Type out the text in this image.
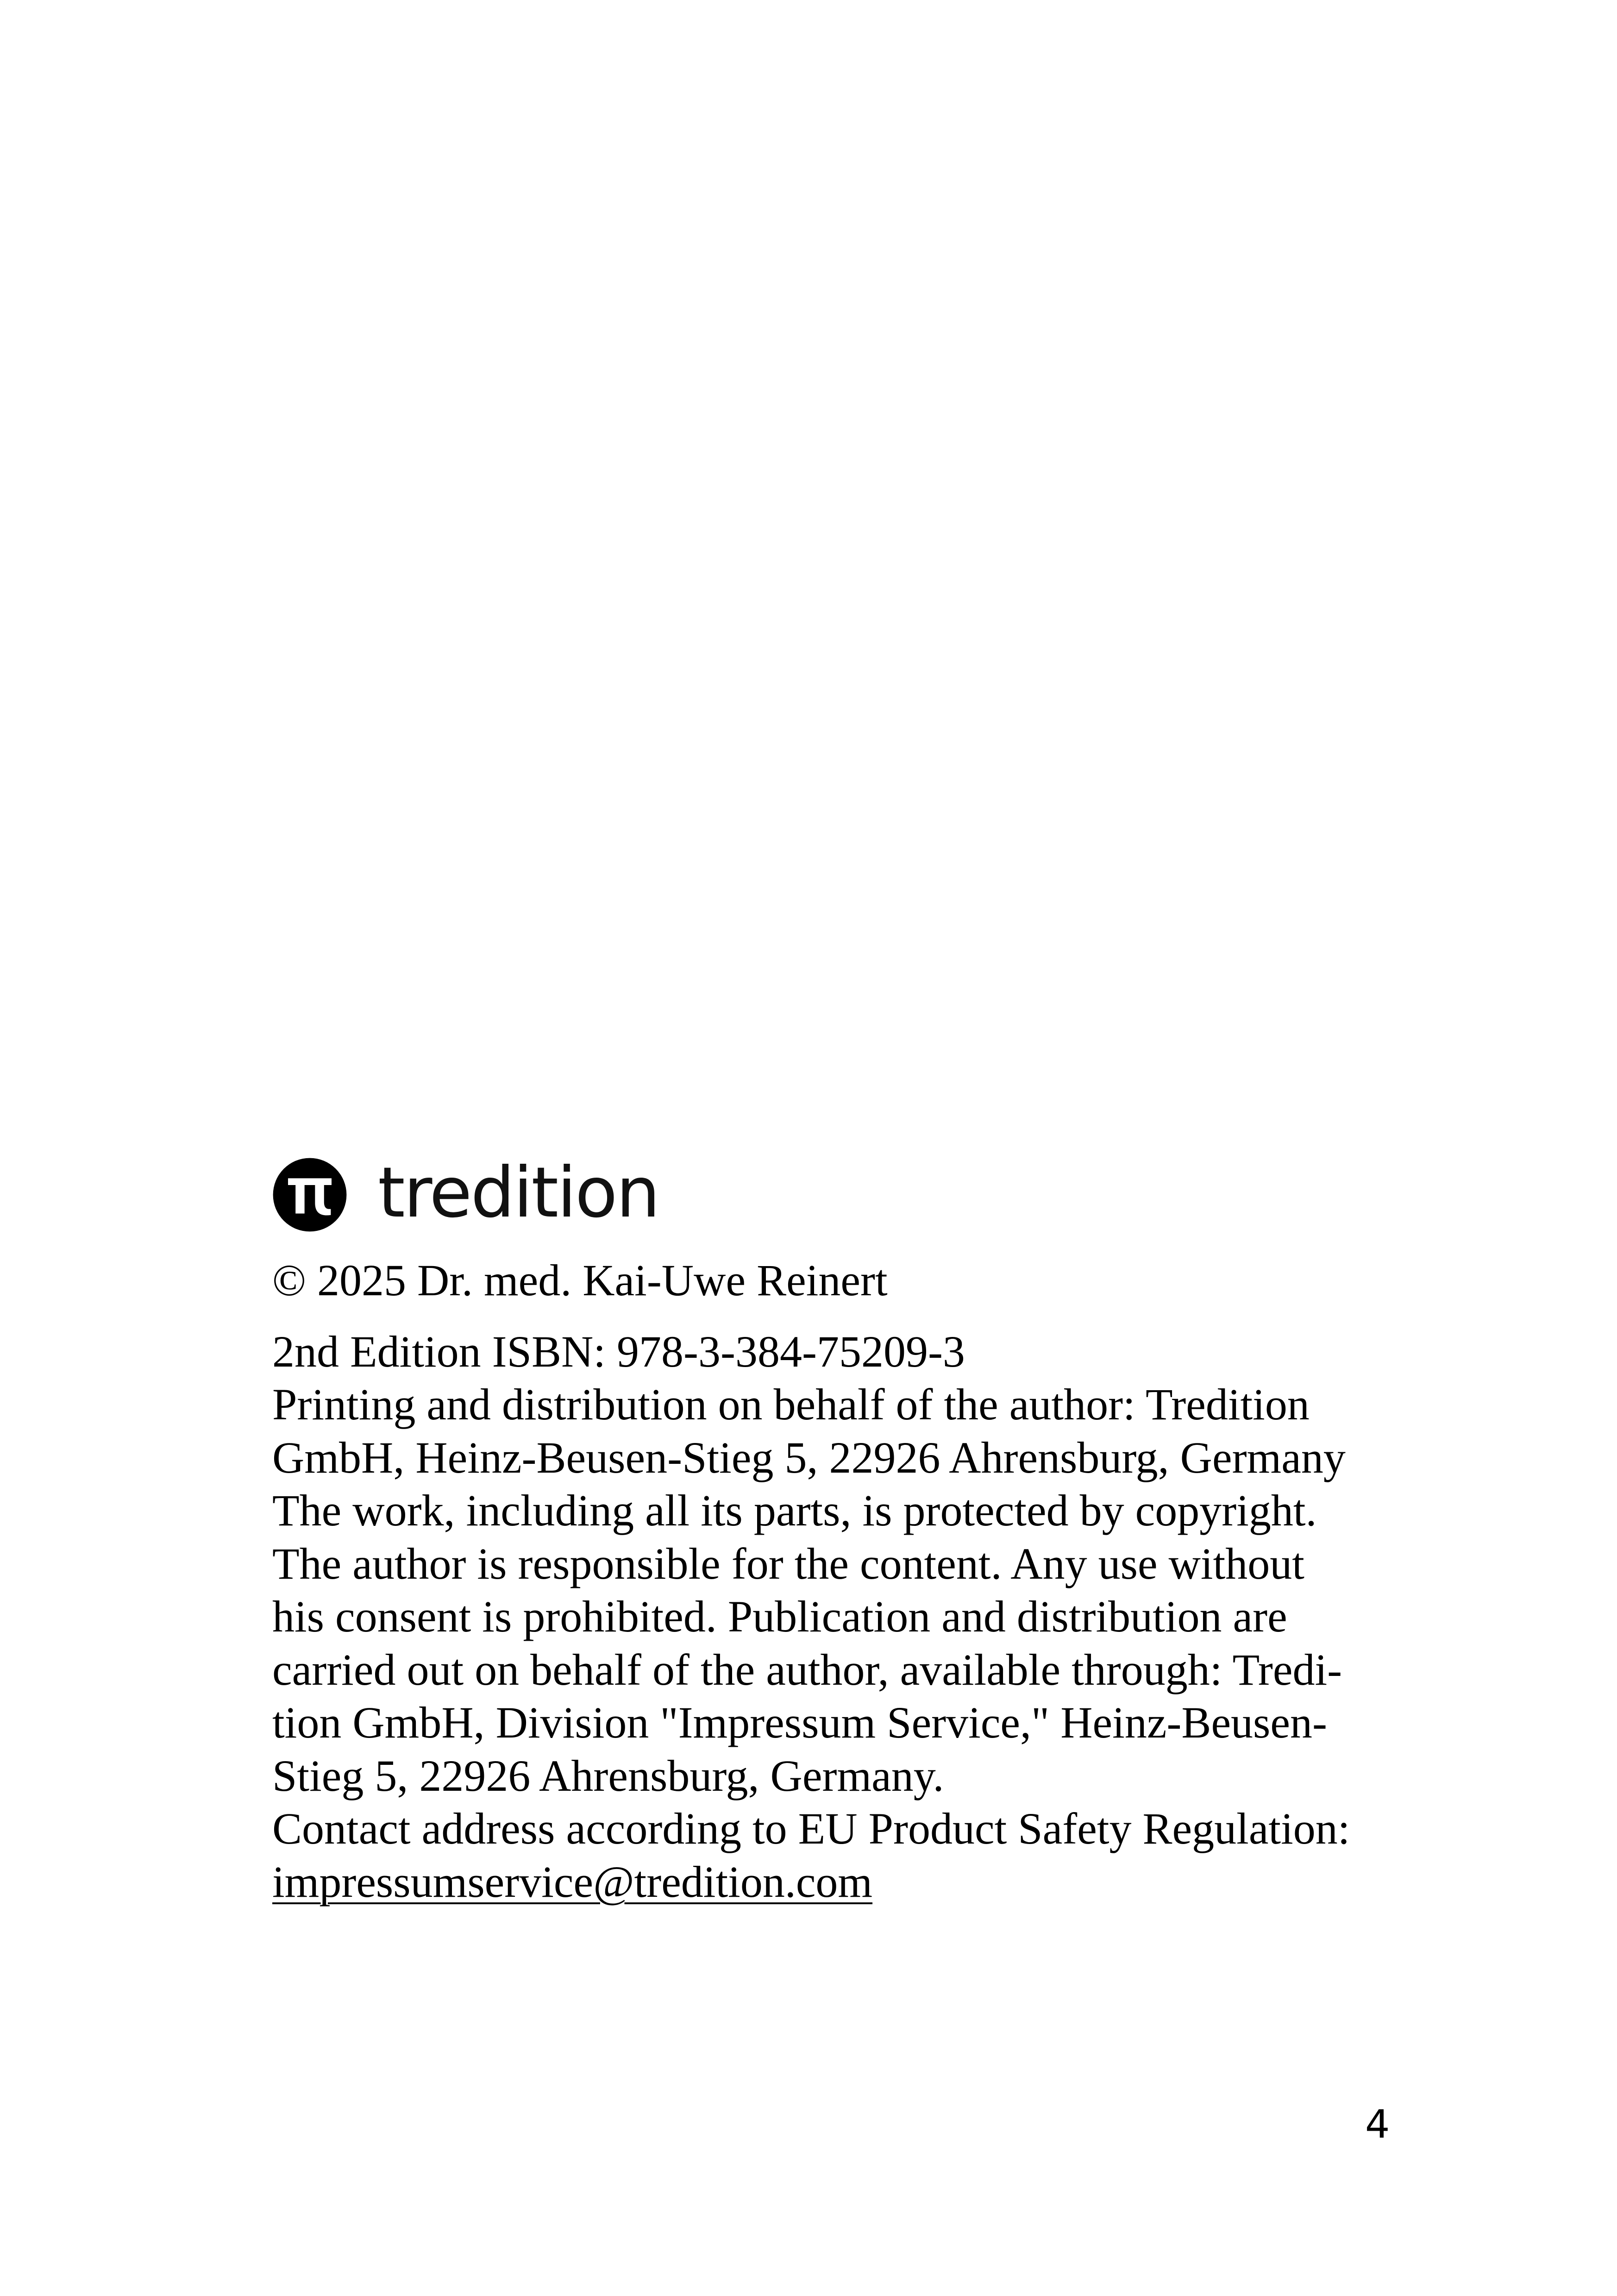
tredition

© 2025 Dr. med. Kai-Uwe Reinert

2nd Edition ISBN: 978-3-384-75209-3

Printing and distribution on behalf of the author: Tredition
GmbH, Heinz-Beusen-Stieg 5, 22926 Ahrensburg, Germany
The work, including all its parts, is protected by copyright.
The author is responsible for the content. Any use without
his consent is prohibited. Publication and distribution are
carried out on behalf of the author, available through: Tredi-
tion GmbH, Division "Impressum Service," Heinz-Beusen-
Stieg 5, 22926 Ahrensburg, Germany.
Contact address according to EU Product Safety Regulation:
impressumservice@tredition.com
4
